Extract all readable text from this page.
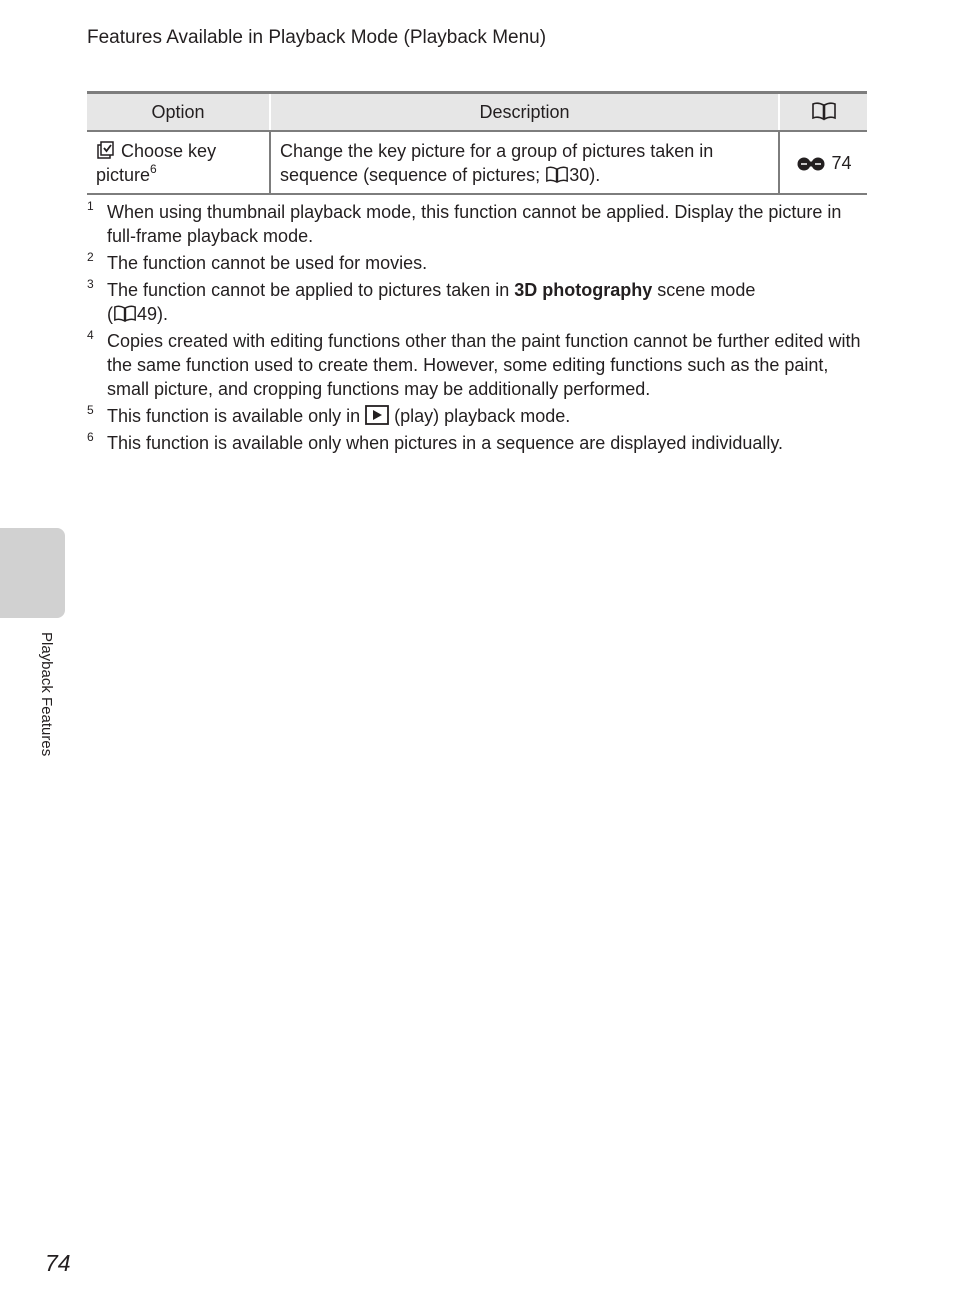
Features Available in Playback Mode (Playback Menu)
Option	Description	
Choose key picture$^6$	Change the key picture for a group of pictures taken in sequence (sequence of pictures; 30).	74
1 When using thumbnail playback mode, this function cannot be applied. Display the picture in full-frame playback mode.
2 The function cannot be used for movies.
3 The function cannot be applied to pictures taken in 3D photography scene mode
( 49).
4 Copies created with editing functions other than the paint function cannot be further edited with the same function used to create them. However, some editing functions such as the paint, small picture, and cropping functions may be additionally performed.
5 This function is available only in  (play) playback mode.
6 This function is available only when pictures in a sequence are displayed individually.
Playback Features
74
